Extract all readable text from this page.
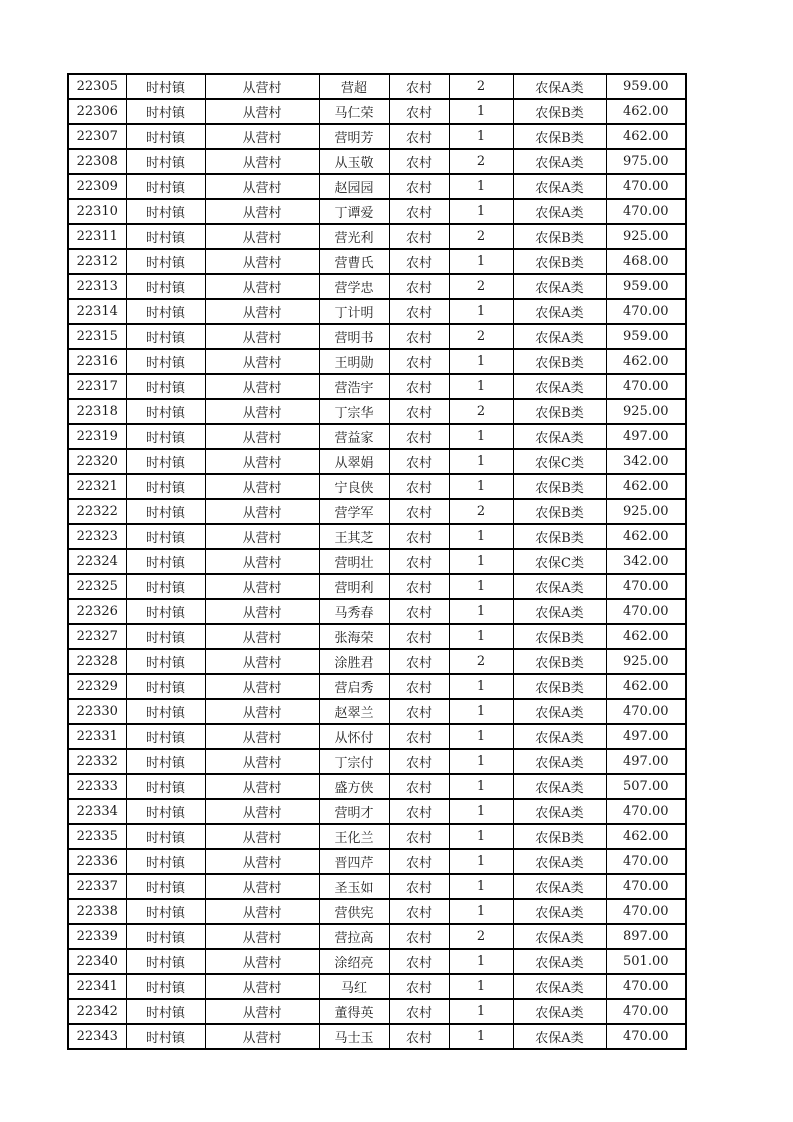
22305	时村镇	从营村	营超	农村	2	农保A类	959.00
22306	时村镇	从营村	马仁荣	农村	1	农保B类	462.00
22307	时村镇	从营村	营明芳	农村	1	农保B类	462.00
22308	时村镇	从营村	从玉敬	农村	2	农保A类	975.00
22309	时村镇	从营村	赵园园	农村	1	农保A类	470.00
22310	时村镇	从营村	丁谭爱	农村	1	农保A类	470.00
22311	时村镇	从营村	营光利	农村	2	农保B类	925.00
22312	时村镇	从营村	营曹氏	农村	1	农保B类	468.00
22313	时村镇	从营村	营学忠	农村	2	农保A类	959.00
22314	时村镇	从营村	丁计明	农村	1	农保A类	470.00
22315	时村镇	从营村	营明书	农村	2	农保A类	959.00
22316	时村镇	从营村	王明勋	农村	1	农保B类	462.00
22317	时村镇	从营村	营浩宇	农村	1	农保A类	470.00
22318	时村镇	从营村	丁宗华	农村	2	农保B类	925.00
22319	时村镇	从营村	营益家	农村	1	农保A类	497.00
22320	时村镇	从营村	从翠娟	农村	1	农保C类	342.00
22321	时村镇	从营村	宁良侠	农村	1	农保B类	462.00
22322	时村镇	从营村	营学军	农村	2	农保B类	925.00
22323	时村镇	从营村	王其芝	农村	1	农保B类	462.00
22324	时村镇	从营村	营明壮	农村	1	农保C类	342.00
22325	时村镇	从营村	营明利	农村	1	农保A类	470.00
22326	时村镇	从营村	马秀春	农村	1	农保A类	470.00
22327	时村镇	从营村	张海荣	农村	1	农保B类	462.00
22328	时村镇	从营村	涂胜君	农村	2	农保B类	925.00
22329	时村镇	从营村	营启秀	农村	1	农保B类	462.00
22330	时村镇	从营村	赵翠兰	农村	1	农保A类	470.00
22331	时村镇	从营村	从怀付	农村	1	农保A类	497.00
22332	时村镇	从营村	丁宗付	农村	1	农保A类	497.00
22333	时村镇	从营村	盛方侠	农村	1	农保A类	507.00
22334	时村镇	从营村	营明才	农村	1	农保A类	470.00
22335	时村镇	从营村	王化兰	农村	1	农保B类	462.00
22336	时村镇	从营村	晋四芹	农村	1	农保A类	470.00
22337	时村镇	从营村	圣玉如	农村	1	农保A类	470.00
22338	时村镇	从营村	营供宪	农村	1	农保A类	470.00
22339	时村镇	从营村	营拉高	农村	2	农保A类	897.00
22340	时村镇	从营村	涂绍亮	农村	1	农保A类	501.00
22341	时村镇	从营村	马红	农村	1	农保A类	470.00
22342	时村镇	从营村	董得英	农村	1	农保A类	470.00
22343	时村镇	从营村	马士玉	农村	1	农保A类	470.00
